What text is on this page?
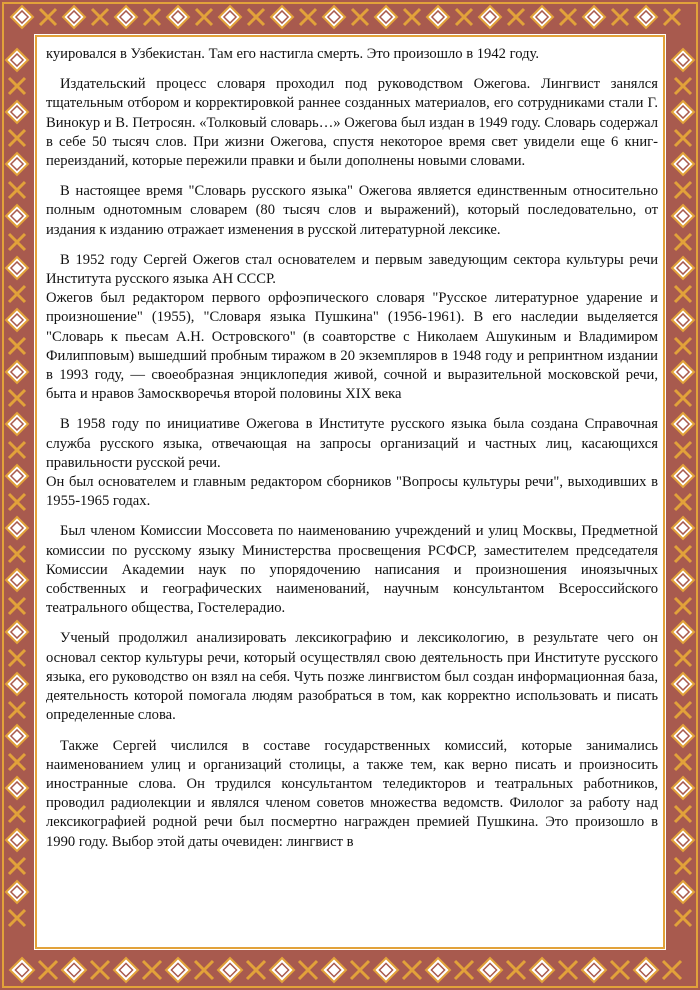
куировался в Узбекистан. Там его настигла смерть. Это произошло в 1942 году.

Издательский процесс словаря проходил под руководством Ожегова. Лингвист занялся тщательным отбором и корректировкой раннее созданных материалов, его сотрудниками стали Г. Винокур и В. Петросян. «Толковый словарь…» Ожегова был издан в 1949 году. Словарь содержал в себе 50 тысяч слов. При жизни Ожегова, спустя некоторое время свет увидели еще 6 книг-переизданий, которые пережили правки и были дополнены новыми словами.

В настоящее время "Словарь русского языка" Ожегова является единственным относительно полным однотомным словарем (80 тысяч слов и выражений), который последовательно, от издания к изданию отражает изменения в русской литературной лексике.

В 1952 году Сергей Ожегов стал основателем и первым заведующим сектора культуры речи Института русского языка АН СССР.

Ожегов был редактором первого орфоэпического словаря "Русское литературное ударение и произношение" (1955), "Словаря языка Пушкина" (1956-1961). В его наследии выделяется "Словарь к пьесам А.Н. Островского" (в соавторстве с Николаем Ашукиным и Владимиром Филипповым) вышедший пробным тиражом в 20 экземпляров в 1948 году и репринтном издании в 1993 году, — своеобразная энциклопедия живой, сочной и выразительной московской речи, быта и нравов Замоскворечья второй половины XIX века

В 1958 году по инициативе Ожегова в Институте русского языка была создана Справочная служба русского языка, отвечающая на запросы организаций и частных лиц, касающихся правильности русской речи.

Он был основателем и главным редактором сборников "Вопросы культуры речи", выходивших в 1955-1965 годах.

Был членом Комиссии Моссовета по наименованию учреждений и улиц Москвы, Предметной комиссии по русскому языку Министерства просвещения РСФСР, заместителем председателя Комиссии Академии наук по упорядочению написания и произношения иноязычных собственных и географических наименований, научным консультантом Всероссийского театрального общества, Гостелерадио.

Ученый продолжил анализировать лексикографию и лексикологию, в результате чего он основал сектор культуры речи, который осуществлял свою деятельность при Институте русского языка, его руководство он взял на себя. Чуть позже лингвистом был создан информационная база, деятельность которой помогала людям разобраться в том, как корректно использовать и писать определенные слова.

Также Сергей числился в составе государственных комиссий, которые занимались наименованием улиц и организаций столицы, а также тем, как верно писать и произносить иностранные слова. Он трудился консультантом теледикторов и театральных работников, проводил радиолекции и являлся членом советов множества ведомств. Филолог за работу над лексикографией родной речи был посмертно награжден премией Пушкина. Это произошло в 1990 году. Выбор этой даты очевиден: лингвист в
